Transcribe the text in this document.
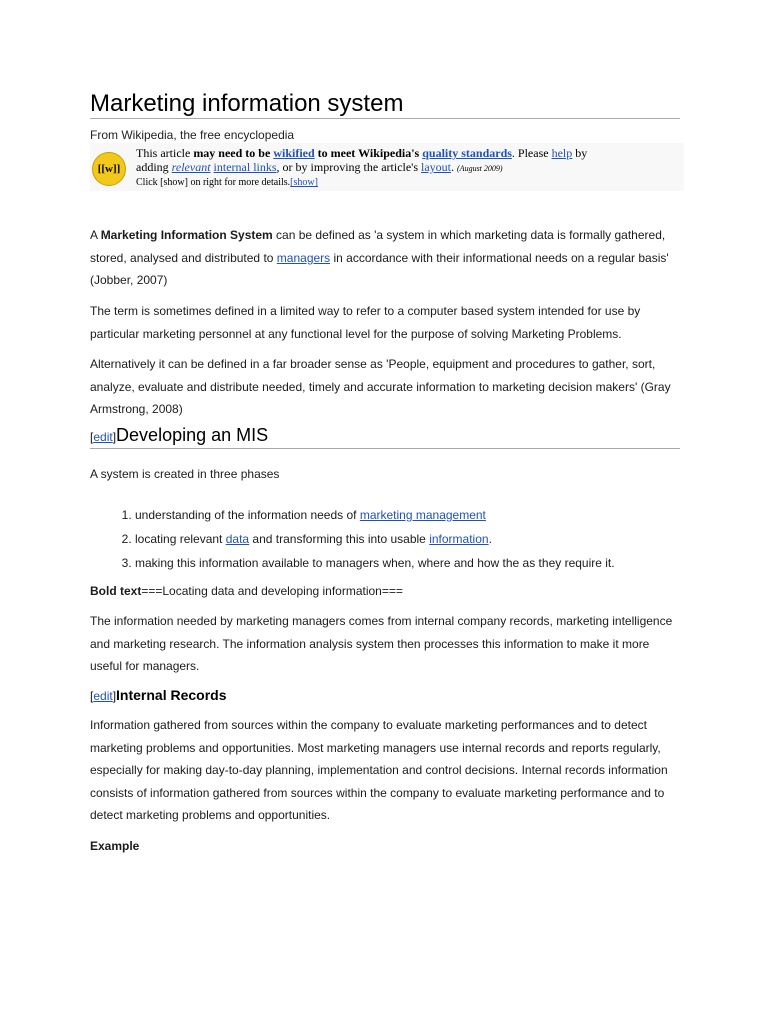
Marketing information system
From Wikipedia, the free encyclopedia
[[w]]
This article may need to be wikified to meet Wikipedia's quality standards. Please help by
adding relevant internal links, or by improving the article's layout. (August 2009)
Click [show] on right for more details.[show]

A Marketing Information System can be defined as 'a system in which marketing data is formally gathered, stored, analysed and distributed to managers in accordance with their informational needs on a regular basis' (Jobber, 2007)

The term is sometimes defined in a limited way to refer to a computer based system intended for use by particular marketing personnel at any functional level for the purpose of solving Marketing Problems.

Alternatively it can be defined in a far broader sense as 'People, equipment and procedures to gather, sort, analyze, evaluate and distribute needed, timely and accurate information to marketing decision makers' (Gray Armstrong, 2008)

[edit]Developing an MIS

A system is created in three phases

1. understanding of the information needs of marketing management
2. locating relevant data and transforming this into usable information.
3. making this information available to managers when, where and how the as they require it.

Bold text===Locating data and developing information===

The information needed by marketing managers comes from internal company records, marketing intelligence and marketing research. The information analysis system then processes this information to make it more useful for managers.

[edit]Internal Records

Information gathered from sources within the company to evaluate marketing performances and to detect marketing problems and opportunities. Most marketing managers use internal records and reports regularly, especially for making day-to-day planning, implementation and control decisions. Internal records information consists of information gathered from sources within the company to evaluate marketing performance and to detect marketing problems and opportunities.

Example
